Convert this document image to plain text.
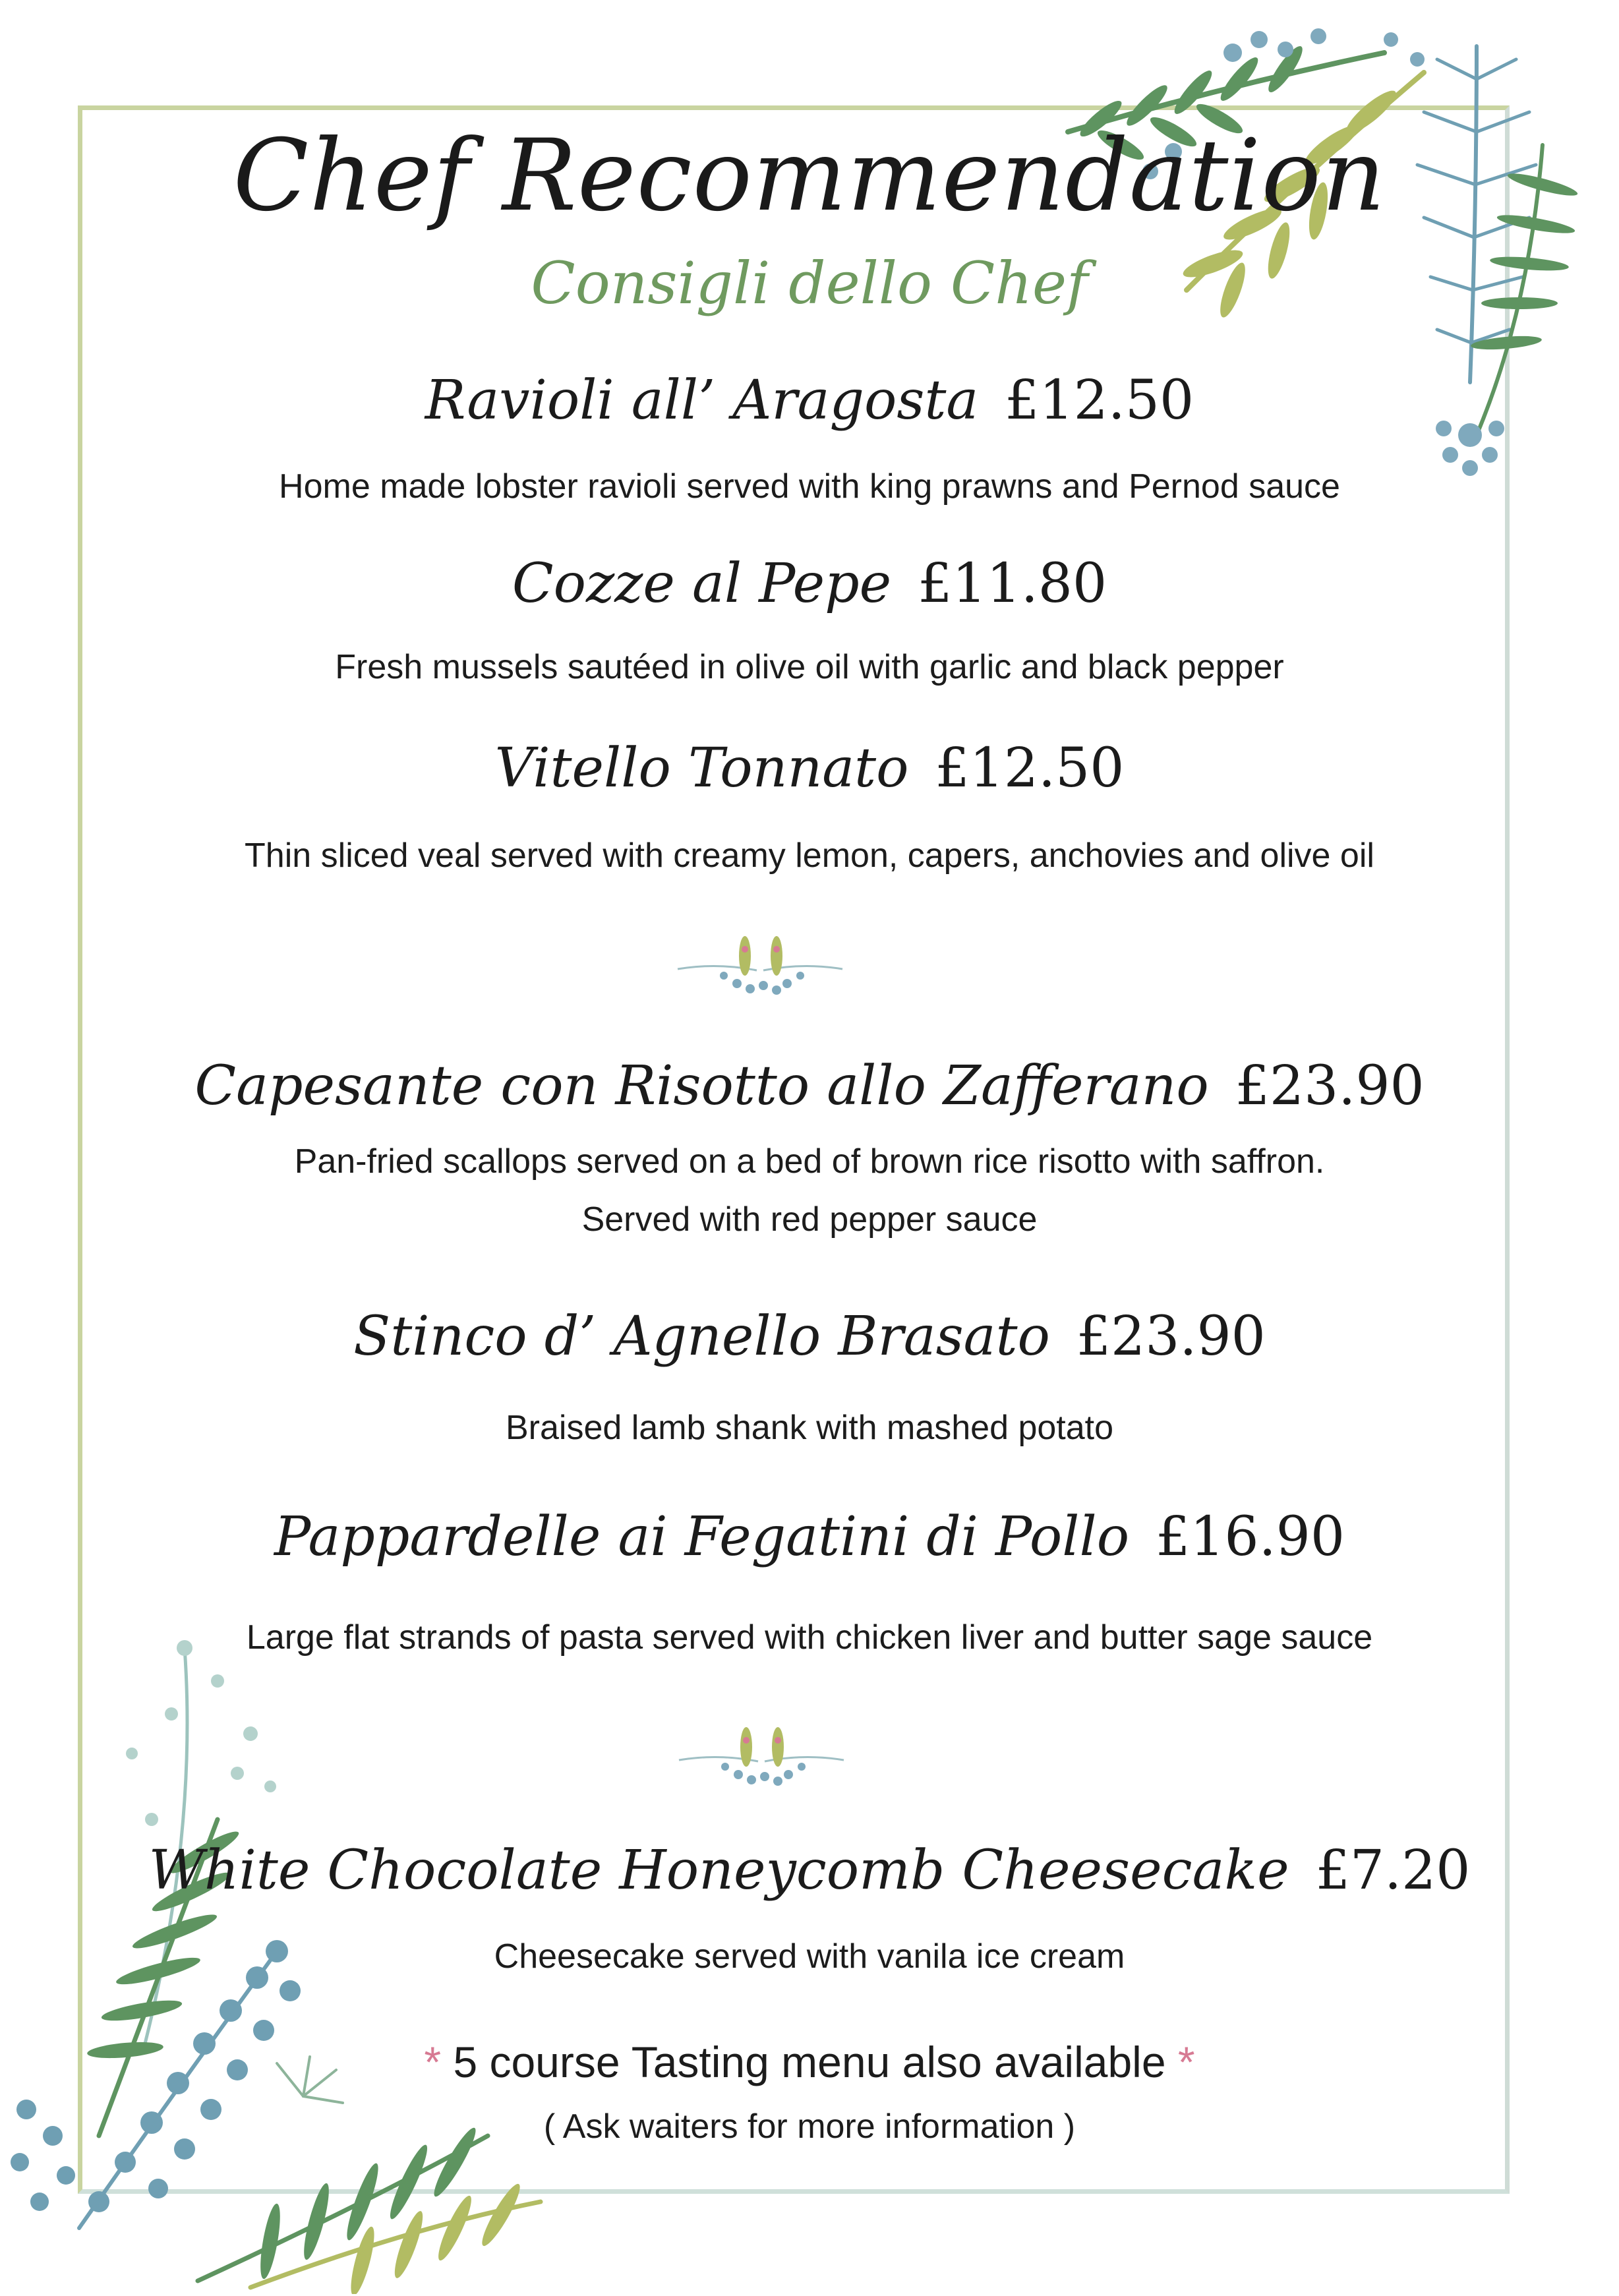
Chef Recommendation
Consigli dello Chef
Ravioli all’ Aragosta £12.50
Home made lobster ravioli served with king prawns and Pernod sauce
Cozze al Pepe £11.80
Fresh mussels sautéed in olive oil with garlic and black pepper
Vitello Tonnato £12.50
Thin sliced veal served with creamy lemon, capers, anchovies and olive oil
Capesante con Risotto allo Zafferano £23.90
Pan-fried scallops served on a bed of brown rice risotto with saffron.
Served with red pepper sauce
Stinco d’ Agnello Brasato £23.90
Braised lamb shank with mashed potato
Pappardelle ai Fegatini di Pollo £16.90
Large flat strands of pasta served with chicken liver and butter sage sauce
White Chocolate Honeycomb Cheesecake £7.20
Cheesecake served with vanila ice cream
* 5 course Tasting menu also available *
( Ask waiters for more information )
